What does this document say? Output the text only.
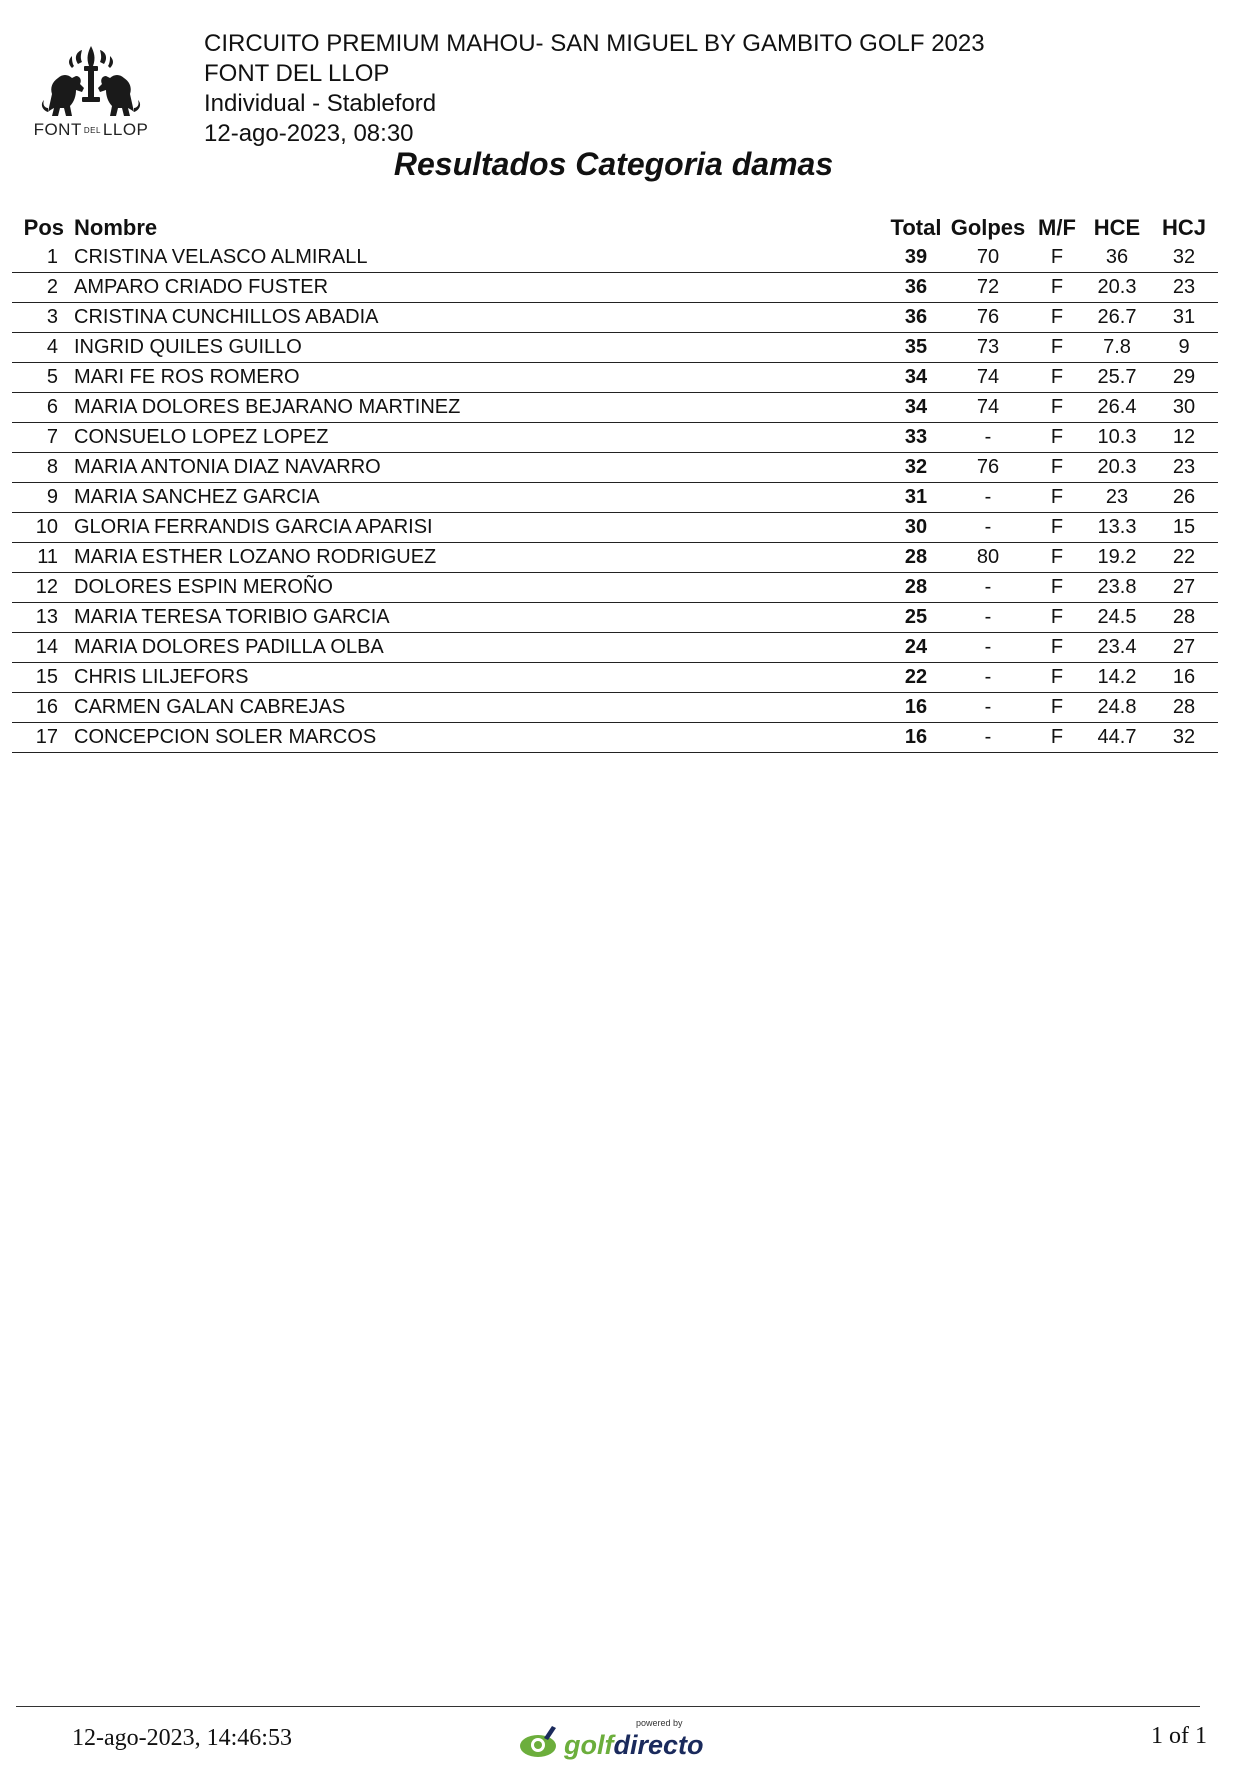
FONT DEL LLOP
CIRCUITO PREMIUM MAHOU- SAN MIGUEL BY GAMBITO GOLF 2023
FONT DEL LLOP
Individual - Stableford
12-ago-2023, 08:30
Resultados Categoria damas
Pos	Nombre	Total	Golpes	M/F	HCE	HCJ
1	CRISTINA VELASCO ALMIRALL	39	70	F	36	32
2	AMPARO CRIADO FUSTER	36	72	F	20.3	23
3	CRISTINA CUNCHILLOS ABADIA	36	76	F	26.7	31
4	INGRID QUILES GUILLO	35	73	F	7.8	9
5	MARI FE ROS ROMERO	34	74	F	25.7	29
6	MARIA DOLORES BEJARANO MARTINEZ	34	74	F	26.4	30
7	CONSUELO LOPEZ LOPEZ	33	-	F	10.3	12
8	MARIA ANTONIA DIAZ NAVARRO	32	76	F	20.3	23
9	MARIA SANCHEZ GARCIA	31	-	F	23	26
10	GLORIA FERRANDIS GARCIA APARISI	30	-	F	13.3	15
11	MARIA ESTHER LOZANO RODRIGUEZ	28	80	F	19.2	22
12	DOLORES ESPIN MEROÑO	28	-	F	23.8	27
13	MARIA TERESA TORIBIO GARCIA	25	-	F	24.5	28
14	MARIA DOLORES PADILLA OLBA	24	-	F	23.4	27
15	CHRIS LILJEFORS	22	-	F	14.2	16
16	CARMEN GALAN CABREJAS	16	-	F	24.8	28
17	CONCEPCION SOLER MARCOS	16	-	F	44.7	32
12-ago-2023, 14:46:53
powered by
golfdirecto	1 of 1
